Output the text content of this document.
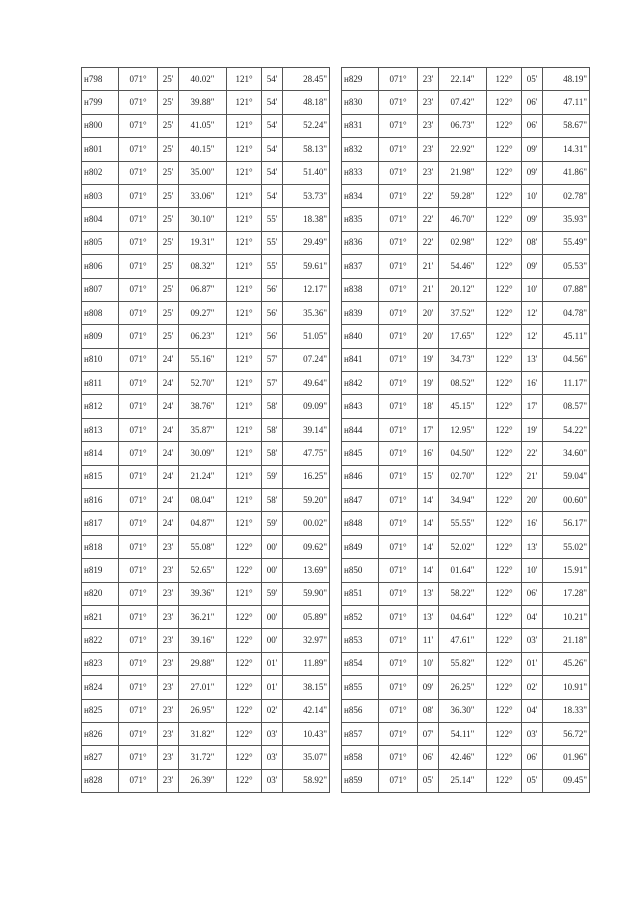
н798	071°	25'	40.02"	121°	54'	28.45"
н799	071°	25'	39.88"	121°	54'	48.18"
н800	071°	25'	41.05"	121°	54'	52.24"
н801	071°	25'	40.15"	121°	54'	58.13"
н802	071°	25'	35.00"	121°	54'	51.40"
н803	071°	25'	33.06"	121°	54'	53.73"
н804	071°	25'	30.10"	121°	55'	18.38"
н805	071°	25'	19.31"	121°	55'	29.49"
н806	071°	25'	08.32"	121°	55'	59.61"
н807	071°	25'	06.87"	121°	56'	12.17"
н808	071°	25'	09.27"	121°	56'	35.36"
н809	071°	25'	06.23"	121°	56'	51.05"
н810	071°	24'	55.16"	121°	57'	07.24"
н811	071°	24'	52.70"	121°	57'	49.64"
н812	071°	24'	38.76"	121°	58'	09.09"
н813	071°	24'	35.87"	121°	58'	39.14"
н814	071°	24'	30.09"	121°	58'	47.75"
н815	071°	24'	21.24"	121°	59'	16.25"
н816	071°	24'	08.04"	121°	58'	59.20"
н817	071°	24'	04.87"	121°	59'	00.02"
н818	071°	23'	55.08"	122°	00'	09.62"
н819	071°	23'	52.65"	122°	00'	13.69"
н820	071°	23'	39.36"	121°	59'	59.90"
н821	071°	23'	36.21"	122°	00'	05.89"
н822	071°	23'	39.16"	122°	00'	32.97"
н823	071°	23'	29.88"	122°	01'	11.89"
н824	071°	23'	27.01"	122°	01'	38.15"
н825	071°	23'	26.95"	122°	02'	42.14"
н826	071°	23'	31.82"	122°	03'	10.43"
н827	071°	23'	31.72"	122°	03'	35.07"
н828	071°	23'	26.39"	122°	03'	58.92"
н829	071°	23'	22.14"	122°	05'	48.19"
н830	071°	23'	07.42"	122°	06'	47.11"
н831	071°	23'	06.73"	122°	06'	58.67"
н832	071°	23'	22.92"	122°	09'	14.31"
н833	071°	23'	21.98"	122°	09'	41.86"
н834	071°	22'	59.28"	122°	10'	02.78"
н835	071°	22'	46.70"	122°	09'	35.93"
н836	071°	22'	02.98"	122°	08'	55.49"
н837	071°	21'	54.46"	122°	09'	05.53"
н838	071°	21'	20.12"	122°	10'	07.88"
н839	071°	20'	37.52"	122°	12'	04.78"
н840	071°	20'	17.65"	122°	12'	45.11"
н841	071°	19'	34.73"	122°	13'	04.56"
н842	071°	19'	08.52"	122°	16'	11.17"
н843	071°	18'	45.15"	122°	17'	08.57"
н844	071°	17'	12.95"	122°	19'	54.22"
н845	071°	16'	04.50"	122°	22'	34.60"
н846	071°	15'	02.70"	122°	21'	59.04"
н847	071°	14'	34.94"	122°	20'	00.60"
н848	071°	14'	55.55"	122°	16'	56.17"
н849	071°	14'	52.02"	122°	13'	55.02"
н850	071°	14'	01.64"	122°	10'	15.91"
н851	071°	13'	58.22"	122°	06'	17.28"
н852	071°	13'	04.64"	122°	04'	10.21"
н853	071°	11'	47.61"	122°	03'	21.18"
н854	071°	10'	55.82"	122°	01'	45.26"
н855	071°	09'	26.25"	122°	02'	10.91"
н856	071°	08'	36.30"	122°	04'	18.33"
н857	071°	07'	54.11"	122°	03'	56.72"
н858	071°	06'	42.46"	122°	06'	01.96"
н859	071°	05'	25.14"	122°	05'	09.45"
